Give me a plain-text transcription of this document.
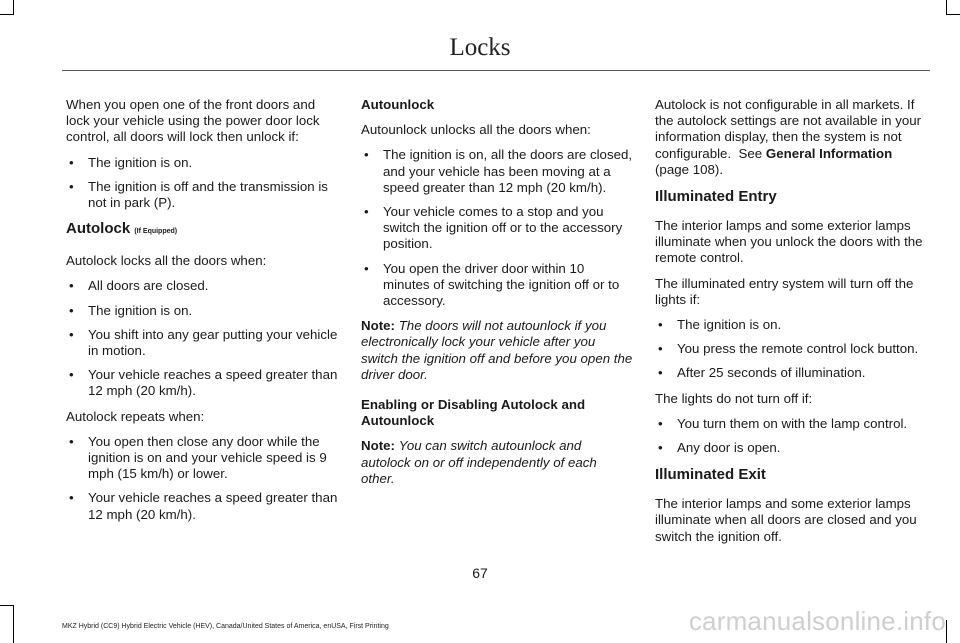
Locks

When you open one of the front doors and lock your vehicle using the power door lock control, all doors will lock then unlock if:

• The ignition is on.
• The ignition is off and the transmission is not in park (P).
Autolock (If Equipped)

Autolock locks all the doors when:

• All doors are closed.
• The ignition is on.
• You shift into any gear putting your vehicle in motion.
• Your vehicle reaches a speed greater than 12 mph (20 km/h).

Autolock repeats when:

• You open then close any door while the ignition is on and your vehicle speed is 9 mph (15 km/h) or lower.
• Your vehicle reaches a speed greater than 12 mph (20 km/h).

Autounlock

Autounlock unlocks all the doors when:

• The ignition is on, all the doors are closed, and your vehicle has been moving at a speed greater than 12 mph (20 km/h).
• Your vehicle comes to a stop and you switch the ignition off or to the accessory position.
• You open the driver door within 10 minutes of switching the ignition off or to accessory.

Note: The doors will not autounlock if you electronically lock your vehicle after you switch the ignition off and before you open the driver door.

Enabling or Disabling Autolock and Autounlock

Note: You can switch autounlock and autolock on or off independently of each other.

Autolock is not configurable in all markets. If the autolock settings are not available in your information display, then the system is not configurable. See General Information (page 108).

Illuminated Entry

The interior lamps and some exterior lamps illuminate when you unlock the doors with the remote control.

The illuminated entry system will turn off the lights if:

• The ignition is on.
• You press the remote control lock button.
• After 25 seconds of illumination.

The lights do not turn off if:

• You turn them on with the lamp control.
• Any door is open.
Illuminated Exit

The interior lamps and some exterior lamps illuminate when all doors are closed and you switch the ignition off.

67
MKZ Hybrid (CC9) Hybrid Electric Vehicle (HEV), Canada/United States of America, enUSA, First Printing	carmanualsonline.info
